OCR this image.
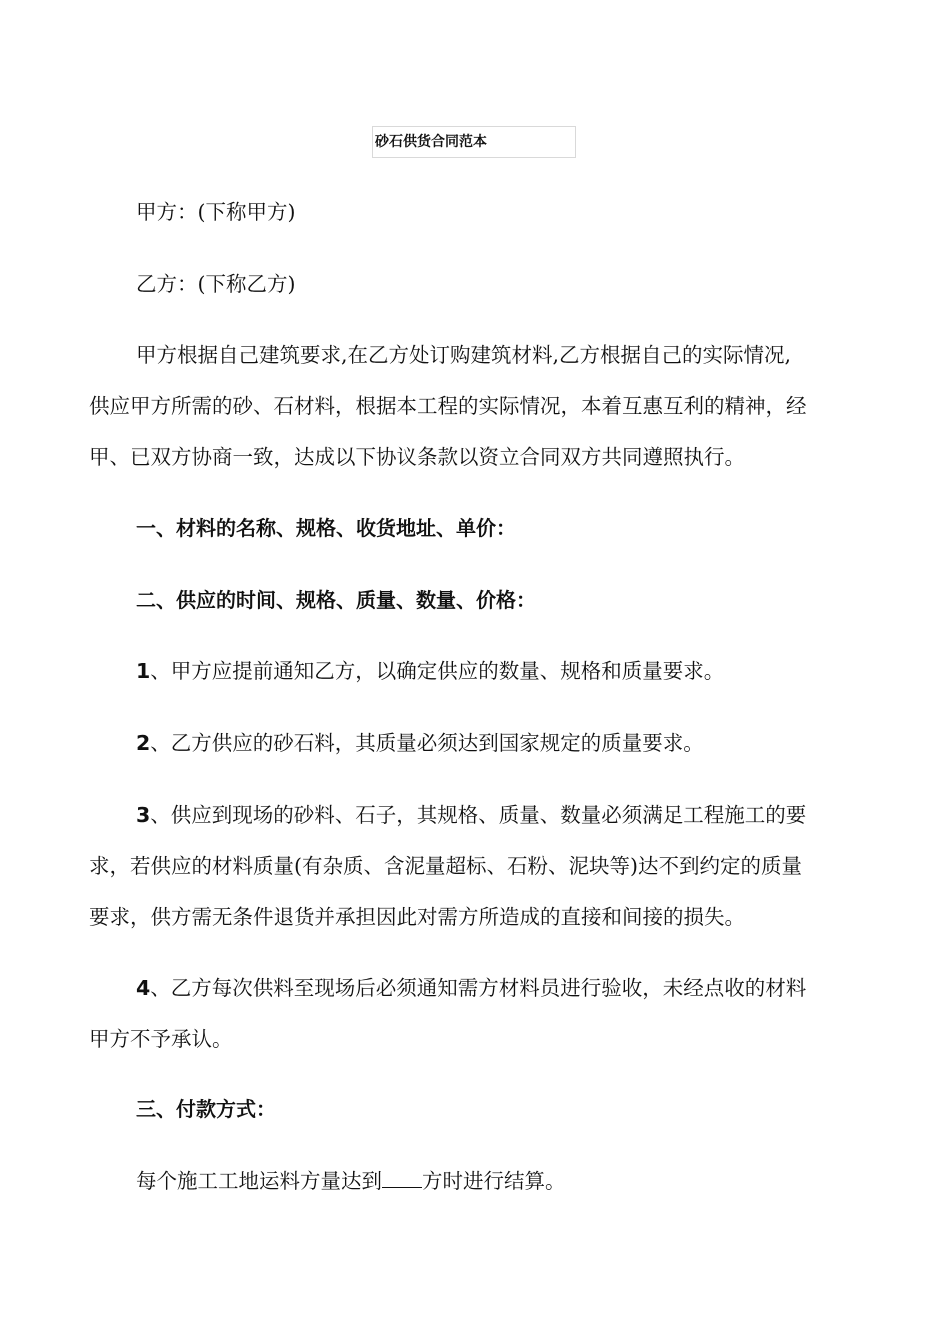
砂石供货合同范本

甲方：(下称甲方)

乙方：(下称乙方)

甲方根据自己建筑要求,在乙方处订购建筑材料,乙方根据自己的实际情况,
供应甲方所需的砂、石材料，根据本工程的实际情况，本着互惠互利的精神，经
甲、已双方协商一致，达成以下协议条款以资立合同双方共同遵照执行。

一、材料的名称、规格、收货地址、单价：

二、供应的时间、规格、质量、数量、价格：

1、甲方应提前通知乙方，以确定供应的数量、规格和质量要求。

2、乙方供应的砂石料，其质量必须达到国家规定的质量要求。

3、供应到现场的砂料、石子，其规格、质量、数量必须满足工程施工的要
求，若供应的材料质量(有杂质、含泥量超标、石粉、泥块等)达不到约定的质量
要求，供方需无条件退货并承担因此对需方所造成的直接和间接的损失。

4、乙方每次供料至现场后必须通知需方材料员进行验收，未经点收的材料
甲方不予承认。

三、付款方式：

每个施工工地运料方量达到 方时进行结算。
